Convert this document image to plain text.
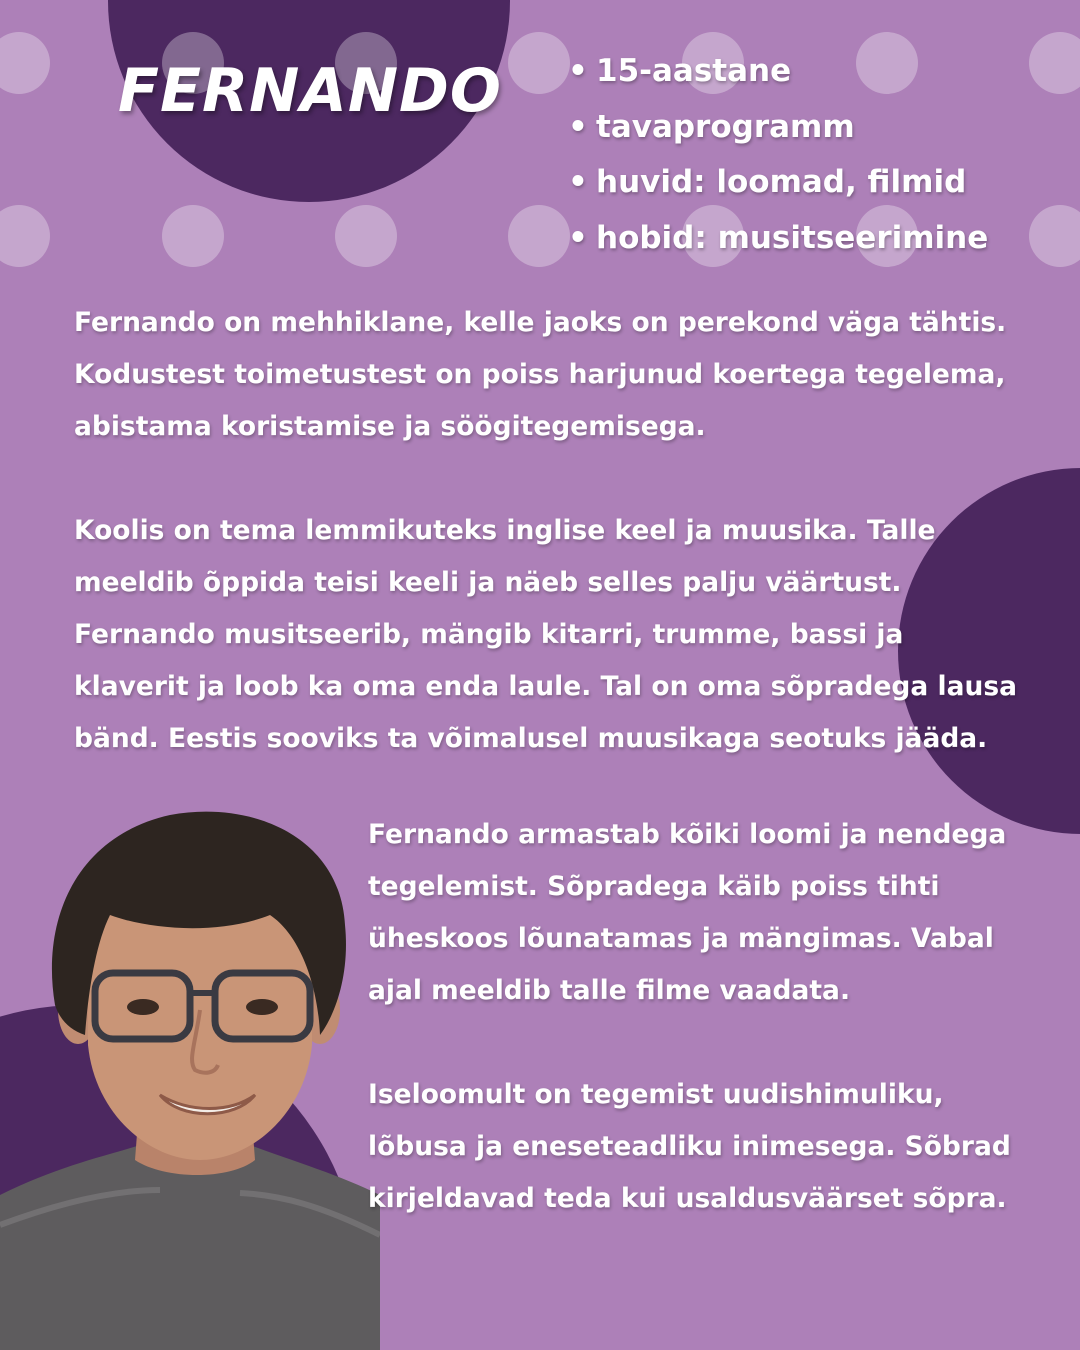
FERNANDO
•	15-aastane
• tavaprogramm
• huvid: loomad, filmid
• hobid: musitseerimine
Fernando on mehhiklane, kelle jaoks on perekond väga tähtis.
Kodustest toimetustest on poiss harjunud koertega tegelema,
abistama koristamise ja söögitegemisega.
Koolis on tema lemmikuteks inglise keel ja muusika. Talle
meeldib õppida teisi keeli ja näeb selles palju väärtust.
Fernando musitseerib, mängib kitarri, trumme, bassi ja
klaverit ja loob ka oma enda laule. Tal on oma sõpradega lausa
bänd. Eestis sooviks ta võimalusel muusikaga seotuks jääda.
Fernando armastab kõiki loomi ja nendega
tegelemist. Sõpradega käib poiss tihti
üheskoos lõunatamas ja mängimas. Vabal
ajal meeldib talle filme vaadata.
Iseloomult on tegemist uudishimuliku,
lõbusa ja eneseteadliku inimesega. Sõbrad
kirjeldavad teda kui usaldusväärset sõpra.
